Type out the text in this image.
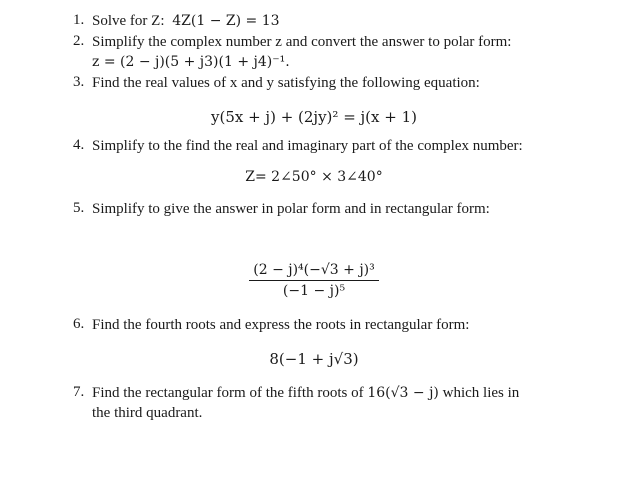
1. Solve for Z: 4Z(1 − Z) = 13
2. Simplify the complex number z and convert the answer to polar form:
z = (2 − j)(5 + j3)(1 + j4)⁻¹.
3. Find the real values of x and y satisfying the following equation:
y(5x + j) + (2jy)² = j(x + 1)
4. Simplify to the find the real and imaginary part of the complex number:
Z= 2∠50° × 3∠40°
5. Simplify to give the answer in polar form and in rectangular form:
$\frac{\text{(2 − j)⁴(−√3 + j)³}}{\text{(−1 − j)⁵}}$
6. Find the fourth roots and express the roots in rectangular form:
8(−1 + j√3)
7. Find the rectangular form of the fifth roots of 16(√3 − j) which lies in
the third quadrant.
